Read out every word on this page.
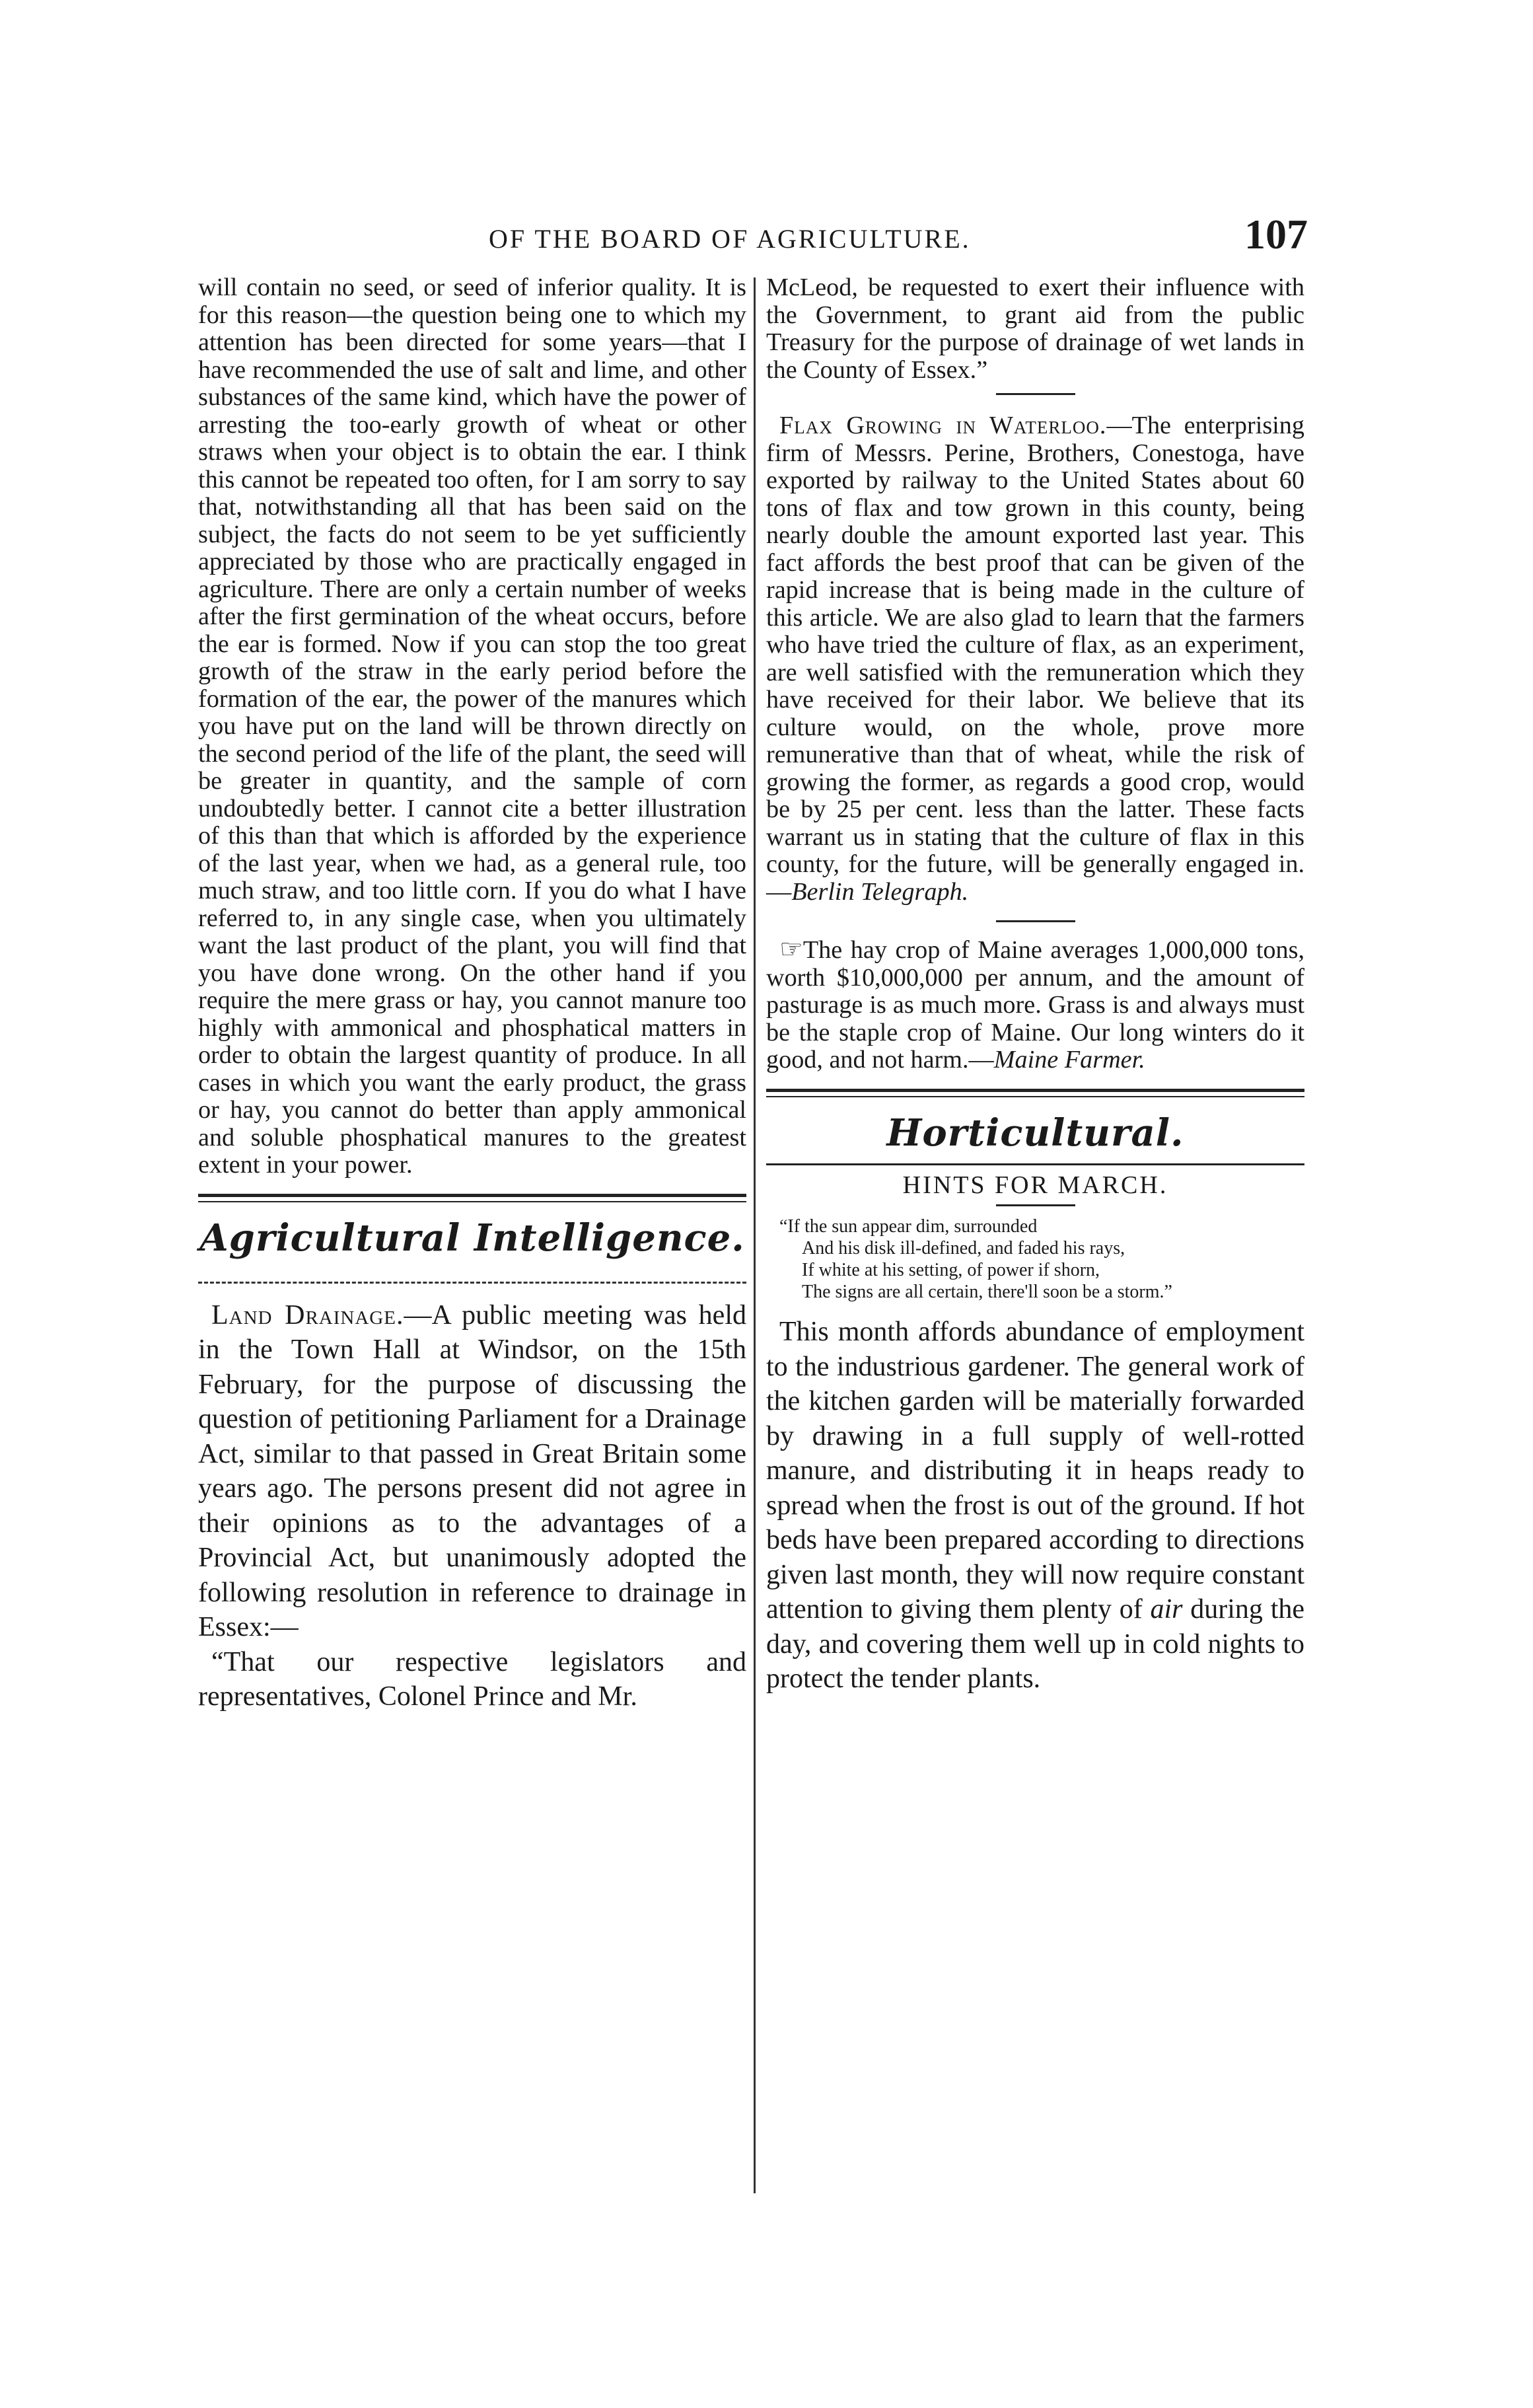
OF THE BOARD OF AGRICULTURE.	107

will contain no seed, or seed of inferior quality. It is for this reason—the question being one to which my attention has been directed for some years—that I have recommended the use of salt and lime, and other substances of the same kind, which have the power of arresting the too-early growth of wheat or other straws when your object is to obtain the ear. I think this cannot be repeated too often, for I am sorry to say that, notwithstanding all that has been said on the subject, the facts do not seem to be yet sufficiently appreciated by those who are practically engaged in agriculture. There are only a certain number of weeks after the first germination of the wheat occurs, before the ear is formed. Now if you can stop the too great growth of the straw in the early period before the formation of the ear, the power of the manures which you have put on the land will be thrown directly on the second period of the life of the plant, the seed will be greater in quantity, and the sample of corn undoubtedly better. I cannot cite a better illustration of this than that which is afforded by the experience of the last year, when we had, as a general rule, too much straw, and too little corn. If you do what I have referred to, in any single case, when you ultimately want the last product of the plant, you will find that you have done wrong. On the other hand if you require the mere grass or hay, you cannot manure too highly with ammonical and phosphatical matters in order to obtain the largest quantity of produce. In all cases in which you want the early product, the grass or hay, you cannot do better than apply ammonical and soluble phosphatical manures to the greatest extent in your power.

Agricultural Intelligence.

Land Drainage.—A public meeting was held in the Town Hall at Windsor, on the 15th February, for the purpose of discussing the question of petitioning Parliament for a Drainage Act, similar to that passed in Great Britain some years ago. The persons present did not agree in their opinions as to the advantages of a Provincial Act, but unanimously adopted the following resolution in reference to drainage in Essex:—

“That our respective legislators and representatives, Colonel Prince and Mr.

McLeod, be requested to exert their influence with the Government, to grant aid from the public Treasury for the purpose of drainage of wet lands in the County of Essex.”

Flax Growing in Waterloo.—The enterprising firm of Messrs. Perine, Brothers, Conestoga, have exported by railway to the United States about 60 tons of flax and tow grown in this county, being nearly double the amount exported last year. This fact affords the best proof that can be given of the rapid increase that is being made in the culture of this article. We are also glad to learn that the farmers who have tried the culture of flax, as an experiment, are well satisfied with the remuneration which they have received for their labor. We believe that its culture would, on the whole, prove more remunerative than that of wheat, while the risk of growing the former, as regards a good crop, would be by 25 per cent. less than the latter. These facts warrant us in stating that the culture of flax in this county, for the future, will be generally engaged in.—Berlin Telegraph.

☞The hay crop of Maine averages 1,000,000 tons, worth $10,000,000 per annum, and the amount of pasturage is as much more. Grass is and always must be the staple crop of Maine. Our long winters do it good, and not harm.—Maine Farmer.

Horticultural.
HINTS FOR MARCH.
“If the sun appear dim, surrounded
And his disk ill-defined, and faded his rays,
If white at his setting, of power if shorn,
The signs are all certain, there'll soon be a storm.”

This month affords abundance of employment to the industrious gardener. The general work of the kitchen garden will be materially forwarded by drawing in a full supply of well-rotted manure, and distributing it in heaps ready to spread when the frost is out of the ground. If hot beds have been prepared according to directions given last month, they will now require constant attention to giving them plenty of air during the day, and covering them well up in cold nights to protect the tender plants.
